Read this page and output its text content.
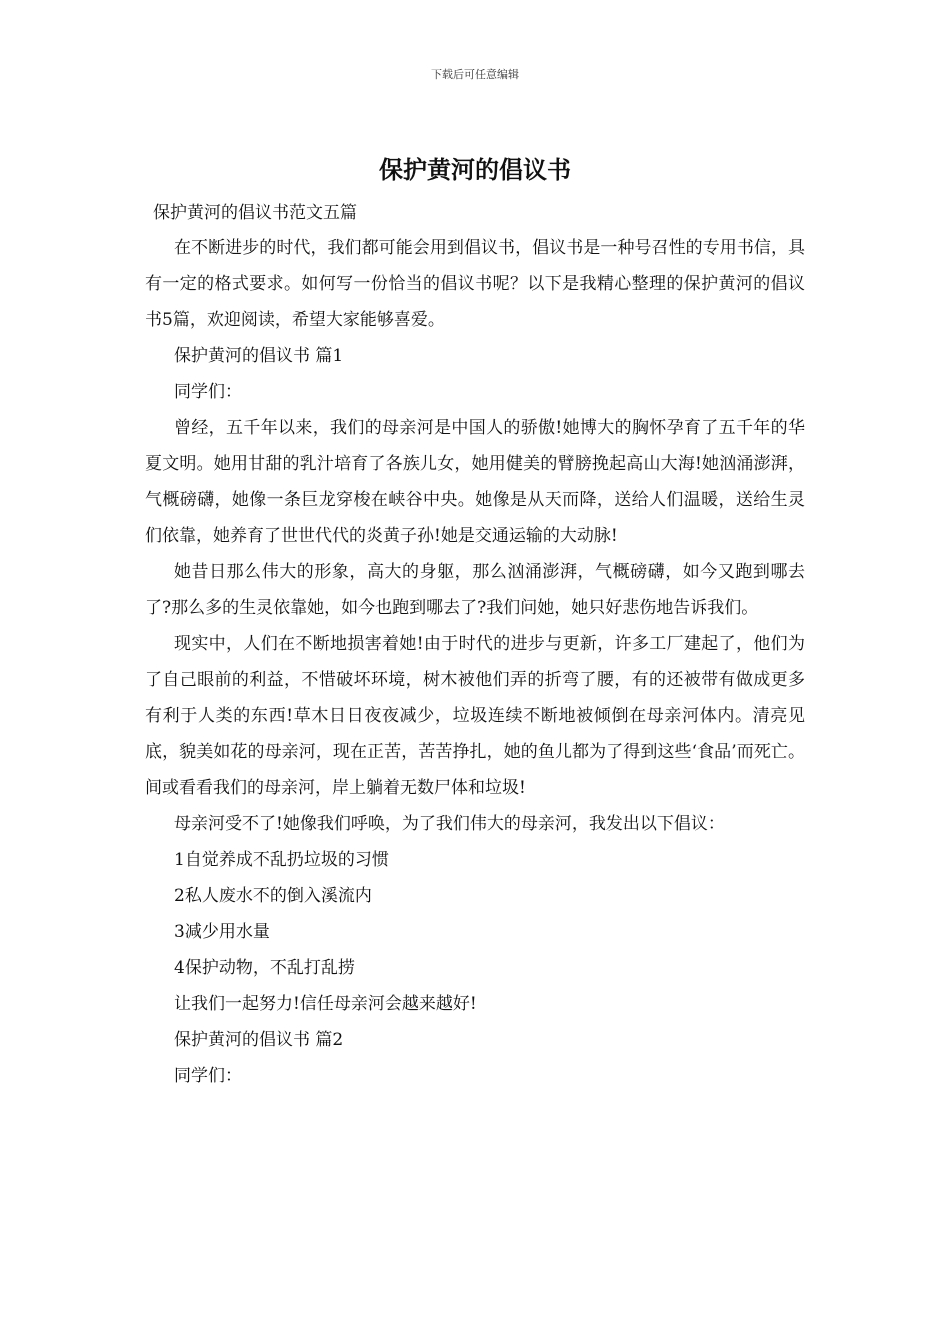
下载后可任意编辑
保护黄河的倡议书

保护黄河的倡议书范文五篇

在不断进步的时代，我们都可能会用到倡议书，倡议书是一种号召性的专用书信，具有一定的格式要求。如何写一份恰当的倡议书呢？以下是我精心整理的保护黄河的倡议书5篇，欢迎阅读，希望大家能够喜爱。

保护黄河的倡议书 篇1

同学们：

曾经，五千年以来，我们的母亲河是中国人的骄傲!她博大的胸怀孕育了五千年的华夏文明。她用甘甜的乳汁培育了各族儿女，她用健美的臂膀挽起高山大海!她汹涌澎湃，气概磅礴，她像一条巨龙穿梭在峡谷中央。她像是从天而降，送给人们温暖，送给生灵们依靠，她养育了世世代代的炎黄子孙!她是交通运输的大动脉!

她昔日那么伟大的形象，高大的身躯，那么汹涌澎湃，气概磅礴，如今又跑到哪去了?那么多的生灵依靠她，如今也跑到哪去了?我们问她，她只好悲伤地告诉我们。

现实中，人们在不断地损害着她!由于时代的进步与更新，许多工厂建起了，他们为了自己眼前的利益，不惜破坏环境，树木被他们弄的折弯了腰，有的还被带有做成更多有利于人类的东西!草木日日夜夜减少，垃圾连续不断地被倾倒在母亲河体内。清亮见底，貌美如花的母亲河，现在正苦，苦苦挣扎，她的鱼儿都为了得到这些‘食品’而死亡。间或看看我们的母亲河，岸上躺着无数尸体和垃圾!

母亲河受不了!她像我们呼唤，为了我们伟大的母亲河，我发出以下倡议：

1自觉养成不乱扔垃圾的习惯

2私人废水不的倒入溪流内

3减少用水量

4保护动物，不乱打乱捞

让我们一起努力!信任母亲河会越来越好!

保护黄河的倡议书 篇2

同学们：
